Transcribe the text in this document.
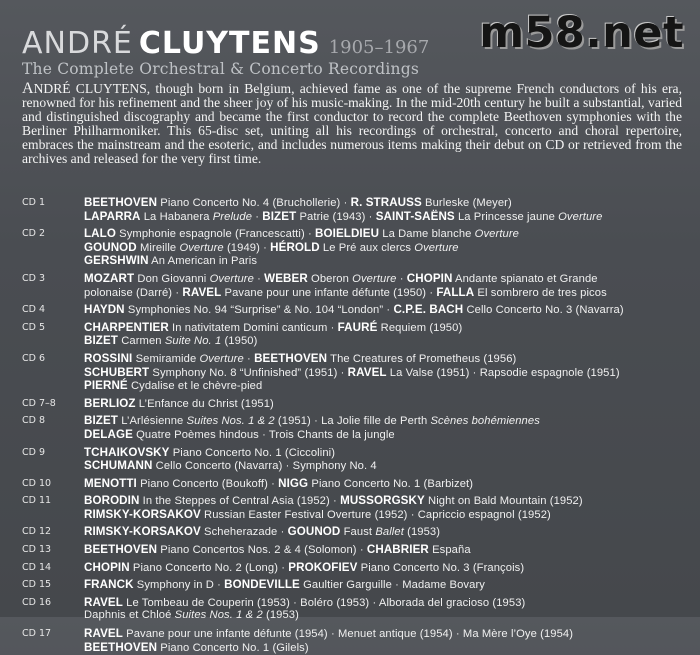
ANDRÉ CLUYTENS 1905–1967
The Complete Orchestral & Concerto Recordings
m58.net
ANDRÉ CLUYTENS, though born in Belgium, achieved fame as one of the supreme French conductors of his era, renowned for his refinement and the sheer joy of his music-making. In the mid-20th century he built a substantial, varied and distinguished discography and became the first conductor to record the complete Beethoven symphonies with the Berliner Philharmoniker. This 65-disc set, uniting all his recordings of orchestral, concerto and choral repertoire, embraces the mainstream and the esoteric, and includes numerous items making their debut on CD or retrieved from the archives and released for the very first time.
CD 1	BEETHOVEN Piano Concerto No. 4 (Bruchollerie) · R. STRAUSS Burleske (Meyer)
LAPARRA La Habanera Prelude · BIZET Patrie (1943) · SAINT-SAËNS La Princesse jaune Overture
CD 2	LALO Symphonie espagnole (Francescatti) · BOIELDIEU La Dame blanche Overture
GOUNOD Mireille Overture (1949) · HÉROLD Le Pré aux clercs Overture
GERSHWIN An American in Paris
CD 3	MOZART Don Giovanni Overture · WEBER Oberon Overture · CHOPIN Andante spianato et Grande
polonaise (Darré) · RAVEL Pavane pour une infante défunte (1950) · FALLA El sombrero de tres picos
CD 4	HAYDN Symphonies No. 94 “Surprise” & No. 104 “London” · C.P.E. BACH Cello Concerto No. 3 (Navarra)
CD 5	CHARPENTIER In nativitatem Domini canticum · FAURÉ Requiem (1950)
BIZET Carmen Suite No. 1 (1950)
CD 6	ROSSINI Semiramide Overture · BEETHOVEN The Creatures of Prometheus (1956)
SCHUBERT Symphony No. 8 “Unfinished” (1951) · RAVEL La Valse (1951) · Rapsodie espagnole (1951)
PIERNÉ Cydalise et le chèvre-pied
CD 7–8	BERLIOZ L’Enfance du Christ (1951)
CD 8	BIZET L’Arlésienne Suites Nos. 1 & 2 (1951) · La Jolie fille de Perth Scènes bohémiennes
DELAGE Quatre Poèmes hindous · Trois Chants de la jungle
CD 9	TCHAIKOVSKY Piano Concerto No. 1 (Ciccolini)
SCHUMANN Cello Concerto (Navarra) · Symphony No. 4
CD 10	MENOTTI Piano Concerto (Boukoff) · NIGG Piano Concerto No. 1 (Barbizet)
CD 11	BORODIN In the Steppes of Central Asia (1952) · MUSSORGSKY Night on Bald Mountain (1952)
RIMSKY-KORSAKOV Russian Easter Festival Overture (1952) · Capriccio espagnol (1952)
CD 12	RIMSKY-KORSAKOV Scheherazade · GOUNOD Faust Ballet (1953)
CD 13	BEETHOVEN Piano Concertos Nos. 2 & 4 (Solomon) · CHABRIER España
CD 14	CHOPIN Piano Concerto No. 2 (Long) · PROKOFIEV Piano Concerto No. 3 (François)
CD 15	FRANCK Symphony in D · BONDEVILLE Gaultier Garguille · Madame Bovary
CD 16	RAVEL Le Tombeau de Couperin (1953) · Boléro (1953) · Alborada del gracioso (1953)
Daphnis et Chloé Suites Nos. 1 & 2 (1953)
CD 17	RAVEL Pavane pour une infante défunte (1954) · Menuet antique (1954) · Ma Mère l’Oye (1954)
BEETHOVEN Piano Concerto No. 1 (Gilels)
